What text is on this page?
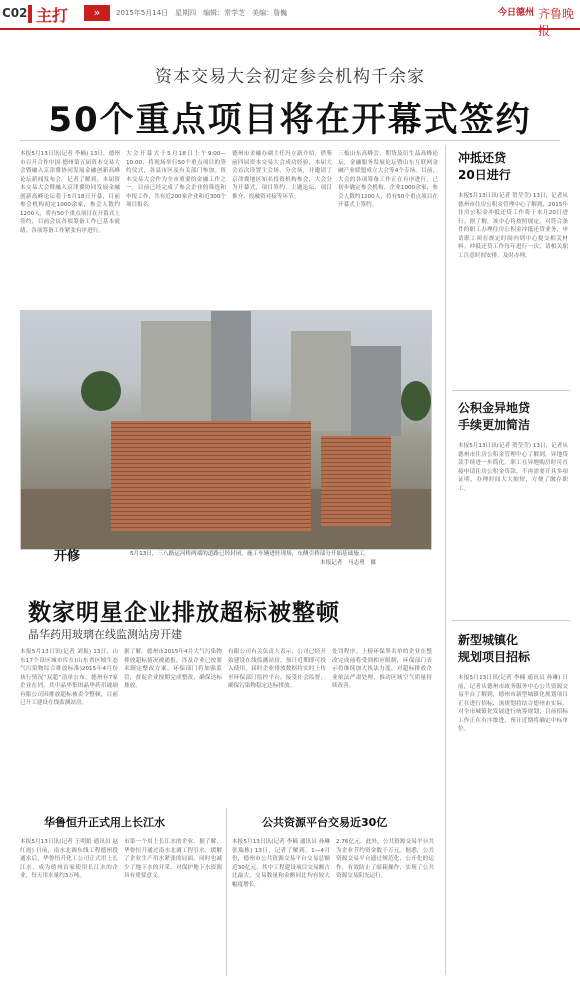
C02 主打	»	2015年5月14日　星期四　编辑：常学芝　美编：詹巍	今日德州 齐鲁晚报
资本交易大会初定参会机构千余家
50个重点项目将在开幕式签约
本报5月13日讯(记者 李楠) 13日，德州市召开合作中国·德州第五届资本交易大会暨融入京津冀协同发展金融创新高峰论坛新闻发布会。记者了解到，本届资本交易大会暨融入京津冀协同发展金融创新高峰论坛将于5月18日开幕，目前参会机构初定1000余家，参会人数约1200人，将有50个重点项目在开幕式上签约，目前会议各项筹备工作已基本就绪，各项筹备工作紧张有序进行。
大会开幕式于5月18日上午9:00—10:00，将现场举行50个重点项目的签约仪式，各县市区及有关部门参加。资本交易大会作为全市重要的金融工作之一，目前已经完成了参会企业的筛选和申报工作，共有近200家企业和近300个项目报名。
德州市金融办副主任冯立新介绍，借鉴前四届资本交易大会成功经验，本届大会首次设置主会场、分会场，并邀请了京津冀地区知名投资机构参会，大会分为开幕式、项目签约、主题论坛、项目推介、投融资对接等环节。
三板山东高峰会，期货及衍生品高峰论坛，金融服务发展论坛暨山东互联网金融产业联盟成立大会等4个专场。目前，大会的各项筹备工作正在有序进行，已初步确定参会机构、企业1000余家，参会人数约1200人，将有50个重点项目在开幕式上签约。
冲抵还贷
20日进行
本报5月13日讯(记者 贺莹莹) 13日，记者从德州市住房公积金管理中心了解到，2015年住房公积金冲抵还贷工作将于本月20日进行。据了解，该中心将按照规定，对符合条件的职工办理住房公积金冲抵还贷业务，申请职工须在规定时间内到中心提交相关材料。冲抵还贷工作每年进行一次，请相关职工注意时间安排，及时办理。
公积金异地贷
手续更加简洁
本报5月13日讯(记者 贺莹莹) 13日，记者从德州市住房公积金管理中心了解到，异地贷款手续进一步简化，职工在异地购房时可直接申请住房公积金贷款，不再需要开具多项证明，办理时间大大缩短，方便了缴存职工。
新型城镇化
规划项目招标
本报5月13日讯(记者 李楠 通讯员 孙琳) 日前，记者从德州市政务服务中心公共资源交易平台了解到，德州市新型城镇化规划项目正在进行招标，该规划将结合德州市实际，对全市城镇化发展进行统筹规划，目前招标工作正在有序推进，预计近期将确定中标单位。
开修	5月13日，三八路运河桥两端的道路已经封闭，施工车辆进驻现场，东侧引桥部分开始基础施工。
本报记者　马志勇　摄
数家明星企业排放超标被整顿
晶华药用玻璃在线监测站房开建
本报5月13日讯(记者 刘振) 13日，山东17个设区城市库在(山东省区域生态气污染物综合排放标准)2015年4月份执行情况“双超”清单公布，德州有7家企业在列，其中晶华集团晶华药用玻璃有限公司因排放超标被责令整顿，目前已开工建设在线监测站房。
据了解，德州市2015年4月大气污染物排放超标情况被通报，涉及企业已按要求制定整改方案，环保部门将加强监管，督促企业按期完成整改，确保达标排放。
有限公司有关负责人表示，公司已经开始建设在线监测站房，预计近期即可投入使用，届时企业排放数据将实时上传至环保部门监控平台，接受社会监督，确保污染物稳定达标排放。
处罚程序。上榜环保黑名单的企业在整改完成前将受到相应限制，环保部门表示将继续加大执法力度，对超标排放企业依法严肃处理，推动区域空气质量持续改善。
华鲁恒升正式用上长江水
本报5月13日讯(记者 王明娟 通讯员 赵红霞) 日前，南水北调东线工程德州段通水后，华鲁恒升化工公司正式用上长江水，成为德州首家使用长江水的企业，每天用水量约3万吨。
市第一个用上长江水的企业。据了解，华鲁恒升通过南水北调工程引水，缓解了企业生产用水紧张的局面，同时也减少了地下水的开采，对保护地下水资源具有重要意义。
公共资源平台交易近30亿
本报5月13日讯(记者 李楠 通讯员 孙琳 张瑞栋) 13日，记者了解到，1—4月份，德州市公共资源交易平台交易总额近30亿元，其中工程建设项目交易额占比最大，交易数量和金额同比均有较大幅度增长。
2.76亿元，此外，公共资源交易平台共为企业节约资金数千万元。据悉，公共资源交易平台通过规范化、公开化的运作，有效防止了暗箱操作，实现了公共资源交易阳光运行。
